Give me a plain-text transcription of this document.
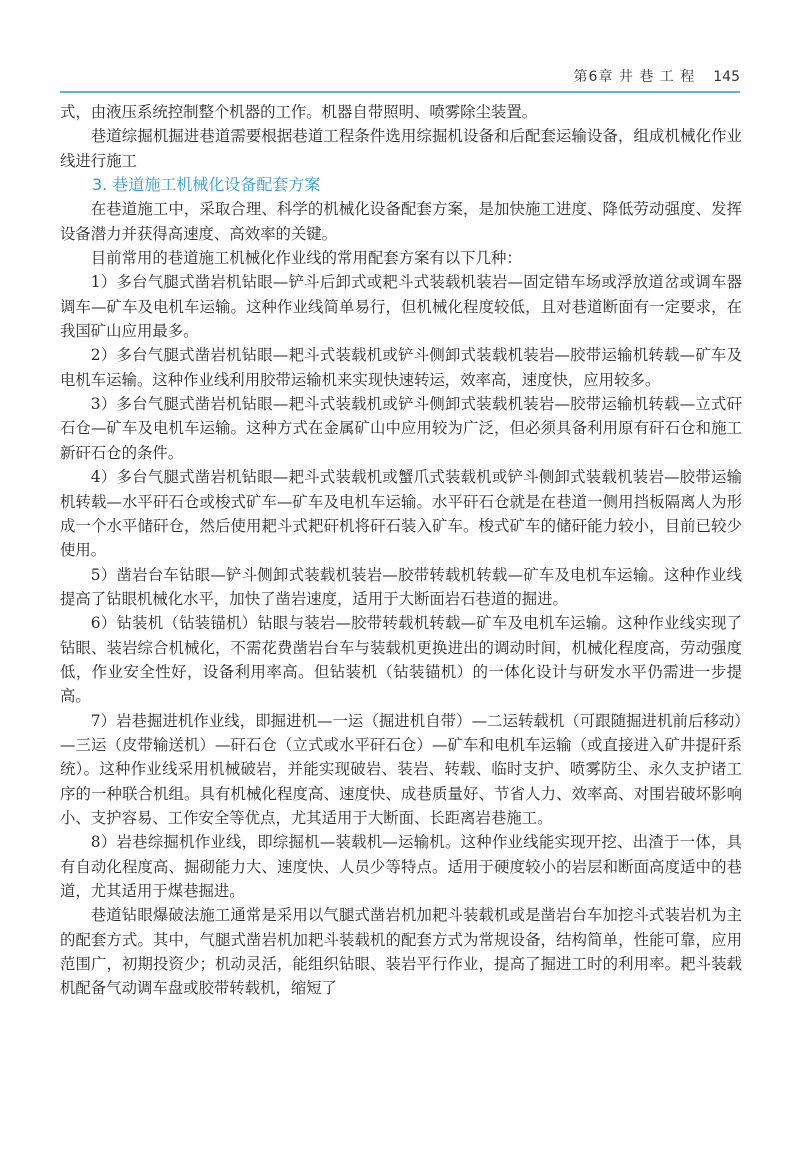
第6章 井 巷 工 程 145

式，由液压系统控制整个机器的工作。机器自带照明、喷雾除尘装置。

巷道综掘机掘进巷道需要根据巷道工程条件选用综掘机设备和后配套运输设备，组成机械化作业线进行施工

3. 巷道施工机械化设备配套方案

在巷道施工中，采取合理、科学的机械化设备配套方案，是加快施工进度、降低劳动强度、发挥设备潜力并获得高速度、高效率的关键。

目前常用的巷道施工机械化作业线的常用配套方案有以下几种：

1）多台气腿式凿岩机钻眼—铲斗后卸式或耙斗式装载机装岩—固定错车场或浮放道岔或调车器调车—矿车及电机车运输。这种作业线简单易行，但机械化程度较低，且对巷道断面有一定要求，在我国矿山应用最多。

2）多台气腿式凿岩机钻眼—耙斗式装载机或铲斗侧卸式装载机装岩—胶带运输机转载—矿车及电机车运输。这种作业线利用胶带运输机来实现快速转运，效率高，速度快，应用较多。

3）多台气腿式凿岩机钻眼—耙斗式装载机或铲斗侧卸式装载机装岩—胶带运输机转载—立式矸石仓—矿车及电机车运输。这种方式在金属矿山中应用较为广泛，但必须具备利用原有矸石仓和施工新矸石仓的条件。

4）多台气腿式凿岩机钻眼—耙斗式装载机或蟹爪式装载机或铲斗侧卸式装载机装岩—胶带运输机转载—水平矸石仓或梭式矿车—矿车及电机车运输。水平矸石仓就是在巷道一侧用挡板隔离人为形成一个水平储矸仓，然后使用耙斗式耙矸机将矸石装入矿车。梭式矿车的储矸能力较小，目前已较少使用。

5）凿岩台车钻眼—铲斗侧卸式装载机装岩—胶带转载机转载—矿车及电机车运输。这种作业线提高了钻眼机械化水平，加快了凿岩速度，适用于大断面岩石巷道的掘进。

6）钻装机（钻装锚机）钻眼与装岩—胶带转载机转载—矿车及电机车运输。这种作业线实现了钻眼、装岩综合机械化，不需花费凿岩台车与装载机更换进出的调动时间，机械化程度高，劳动强度低，作业安全性好，设备利用率高。但钻装机（钻装锚机）的一体化设计与研发水平仍需进一步提高。

7）岩巷掘进机作业线，即掘进机—一运（掘进机自带）—二运转载机（可跟随掘进机前后移动）—三运（皮带输送机）—矸石仓（立式或水平矸石仓）—矿车和电机车运输（或直接进入矿井提矸系统）。这种作业线采用机械破岩，并能实现破岩、装岩、转载、临时支护、喷雾防尘、永久支护诸工序的一种联合机组。具有机械化程度高、速度快、成巷质量好、节省人力、效率高、对围岩破坏影响小、支护容易、工作安全等优点，尤其适用于大断面、长距离岩巷施工。

8）岩巷综掘机作业线，即综掘机—装载机—运输机。这种作业线能实现开挖、出渣于一体，具有自动化程度高、掘砌能力大、速度快、人员少等特点。适用于硬度较小的岩层和断面高度适中的巷道，尤其适用于煤巷掘进。

巷道钻眼爆破法施工通常是采用以气腿式凿岩机加耙斗装载机或是凿岩台车加挖斗式装岩机为主的配套方式。其中，气腿式凿岩机加耙斗装载机的配套方式为常规设备，结构简单，性能可靠，应用范围广，初期投资少；机动灵活，能组织钻眼、装岩平行作业，提高了掘进工时的利用率。耙斗装载机配备气动调车盘或胶带转载机，缩短了
